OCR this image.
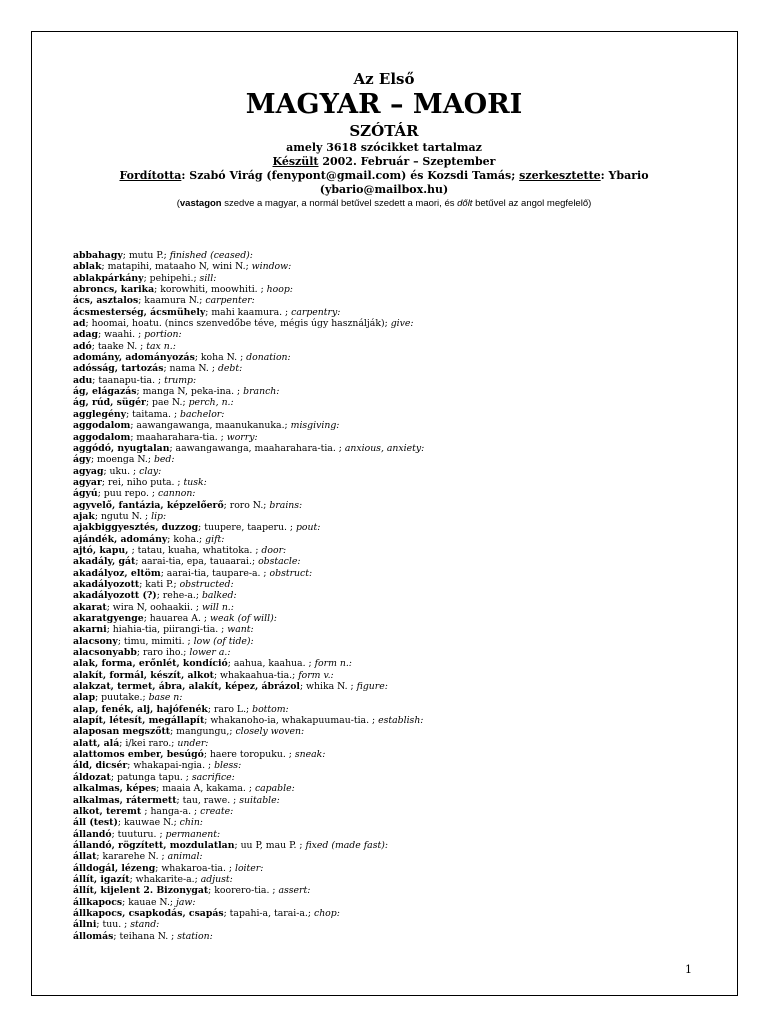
Az Első
MAGYAR – MAORI
SZÓTÁR
amely 3618 szócikket tartalmaz
Készült 2002. Február – Szeptember
Fordította: Szabó Virág (fenypont@gmail.com) és Kozsdi Tamás; szerkesztette: Ybario
(ybario@mailbox.hu)
(vastagon szedve a magyar, a normál betűvel szedett a maori, és dőlt betűvel az angol megfelelő)
abbahagy; mutu P.; finished (ceased):
ablak; matapihi, mataaho N, wini N.; window:
ablakpárkány; pehipehi.; sill:
abroncs, karika; korowhiti, moowhiti. ; hoop:
ács, asztalos; kaamura N.; carpenter:
ácsmesterség, ácsmühely; mahi kaamura. ; carpentry:
ad; hoomai, hoatu. (nincs szenvedőbe téve, mégis úgy használják); give:
adag; waahi. ; portion:
adó; taake N. ; tax n.:
adomány, adományozás; koha N. ; donation:
adósság, tartozás; nama N. ; debt:
adu; taanapu-tia. ; trump:
ág, elágazás; manga N, peka-ina. ; branch:
ág, rúd, sügér; pae N.; perch, n.:
agglegény; taitama. ; bachelor:
aggodalom; aawangawanga, maanukanuka.; misgiving:
aggodalom; maaharahara-tia. ; worry:
aggódó, nyugtalan; aawangawanga, maaharahara-tia. ; anxious, anxiety:
ágy; moenga N.; bed:
agyag; uku. ; clay:
agyar; rei, niho puta. ; tusk:
ágyú; puu repo. ; cannon:
agyvelő, fantázia, képzelőerő; roro N.; brains:
ajak; ngutu N. ; lip:
ajakbiggyesztés, duzzog; tuupere, taaperu. ; pout:
ajándék, adomány; koha.; gift:
ajtó, kapu, ; tatau, kuaha, whatitoka. ; door:
akadály, gát; aarai-tia, epa, tauaarai.; obstacle:
akadályoz, eltöm; aarai-tia, taupare-a. ; obstruct:
akadályozott; kati P.; obstructed:
akadályozott (?); rehe-a.; balked:
akarat; wira N, oohaakii. ; will n.:
akaratgyenge; hauarea A. ; weak (of will):
akarni; hiahia-tia, piirangi-tia. ; want:
alacsony; timu, mimiti. ; low (of tide):
alacsonyabb; raro iho.; lower a.:
alak, forma, erőnlét, kondíció; aahua, kaahua. ; form n.:
alakít, formál, készít, alkot; whakaahua-tia.; form v.:
alakzat, termet, ábra, alakít, képez, ábrázol; whika N. ; figure:
alap; puutake.; base n:
alap, fenék, alj, hajófenék; raro L.; bottom:
alapít, létesít, megállapít; whakanoho-ia, whakapuumau-tia. ; establish:
alaposan megszőtt; mangungu,; closely woven:
alatt, alá; i/kei raro.; under:
alattomos ember, besúgó; haere toropuku. ; sneak:
áld, dicsér; whakapai-ngia. ; bless:
áldozat; patunga tapu. ; sacrifice:
alkalmas, képes; maaia A, kakama. ; capable:
alkalmas, rátermett; tau, rawe. ; suitable:
alkot, teremt ; hanga-a. ; create:
áll (test); kauwae N.; chin:
állandó; tuuturu. ; permanent:
állandó, rögzített, mozdulatlan; uu P, mau P. ; fixed (made fast):
állat; kararehe N. ; animal:
álldogál, lézeng; whakaroa-tia. ; loiter:
állít, igazít; whakarite-a.; adjust:
állít, kijelent 2. Bizonygat; koorero-tia. ; assert:
állkapocs; kauae N.; jaw:
állkapocs, csapkodás, csapás; tapahi-a, tarai-a.; chop:
állni; tuu. ; stand:
állomás; teihana N. ; station:
1
